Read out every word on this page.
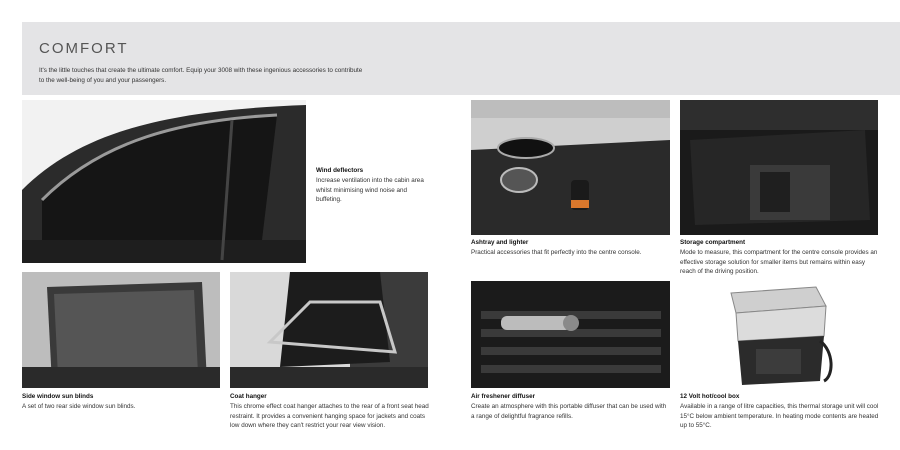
COMFORT

It's the little touches that create the ultimate comfort. Equip your 3008 with these ingenious accessories to contribute to the well-being of you and your passengers.

Wind deflectors
Increase ventilation into the cabin area whilst minimising wind noise and buffeting.
Side window sun blinds
A set of two rear side window sun blinds.
Coat hanger
This chrome effect coat hanger attaches to the rear of a front seat head restraint. It provides a convenient hanging space for jackets and coats low down where they can't restrict your rear view vision.
Ashtray and lighter
Practical accessories that fit perfectly into the centre console.
Storage compartment
Mode to measure, this compartment for the centre console provides an effective storage solution for smaller items but remains within easy reach of the driving position.
Air freshener diffuser
Create an atmosphere with this portable diffuser that can be used with a range of delightful fragrance refills.
12 Volt hot/cool box
Available in a range of litre capacities, this thermal storage unit will cool 15°C below ambient temperature. In heating mode contents are heated up to 55°C.
